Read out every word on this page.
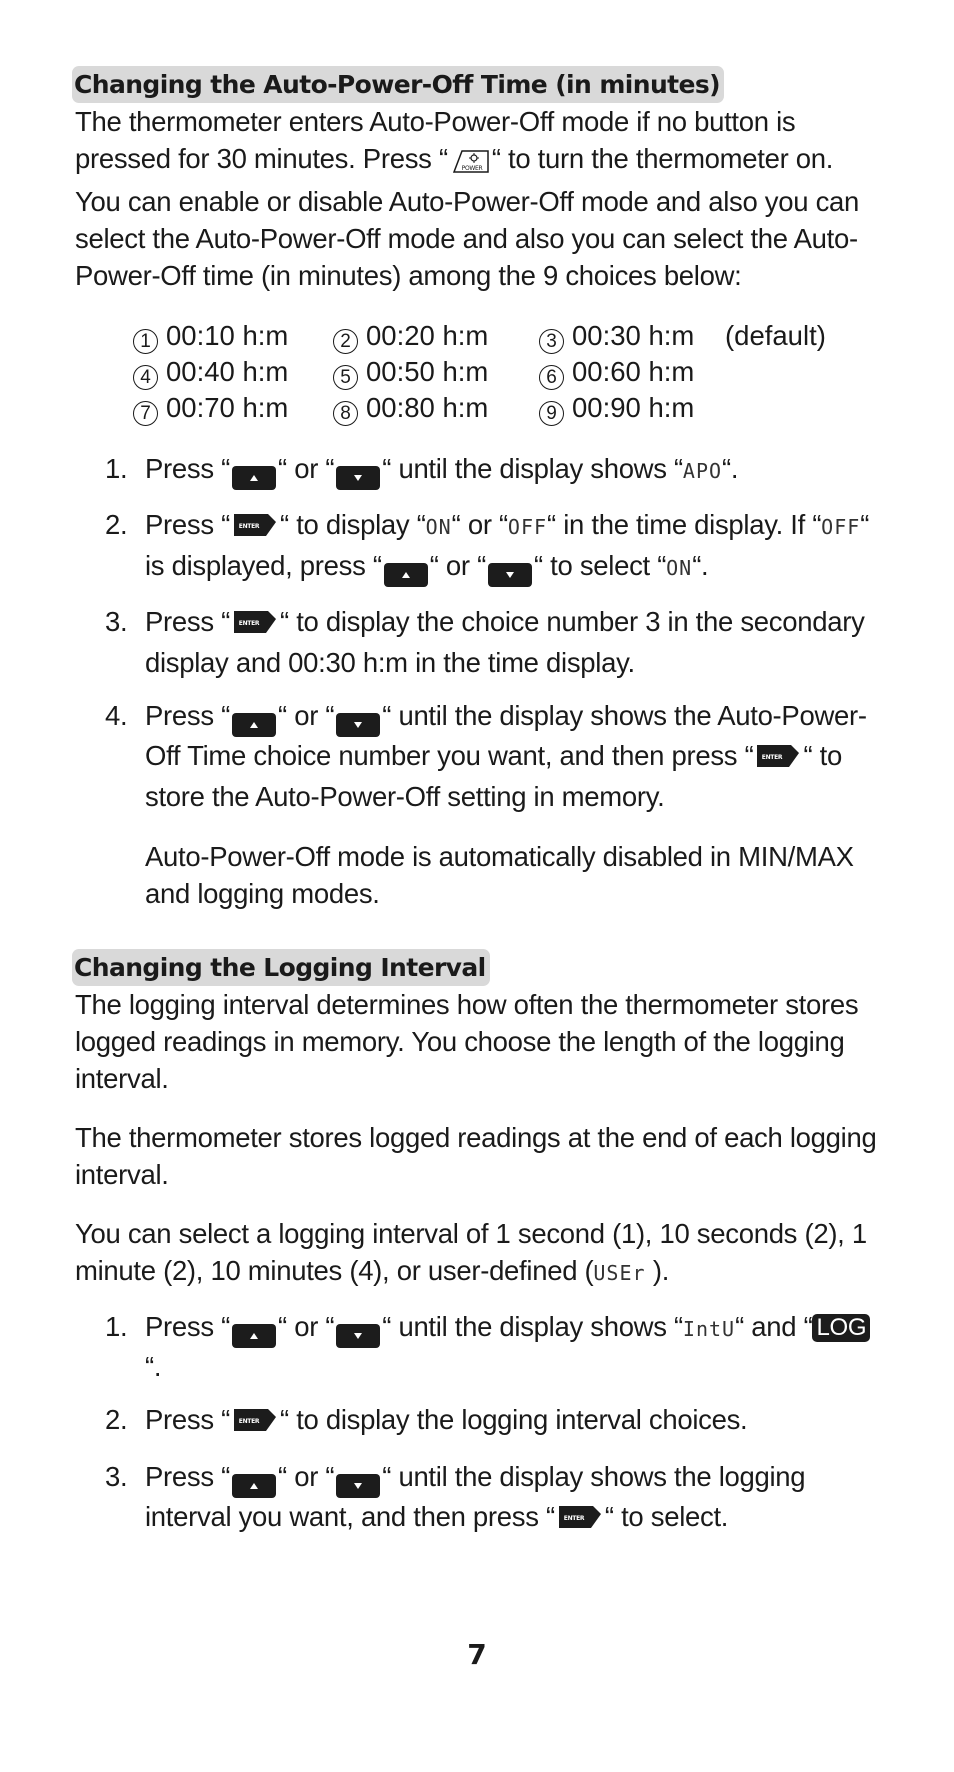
Changing the Auto-Power-Off Time (in minutes)

The thermometer enters Auto-Power-Off mode if no button is pressed for 30 minutes. Press “ POWER “ to turn the thermometer on. You can enable or disable Auto-Power-Off mode and also you can select the Auto-Power-Off mode and also you can select the Auto-Power-Off time (in minutes) among the 9 choices below:

1 00:10 h:m	2 00:20 h:m	3 00:30 h:m	(default)
4 00:40 h:m	5 00:50 h:m	6 00:60 h:m
7 00:70 h:m	8 00:80 h:m	9 00:90 h:m
1. Press “ “ or “ “ until the display shows “APO“.
2. Press “ ENTER “ to display “ON“ or “OFF“ in the time display. If “OFF“ is displayed, press “ “ or “ “ to select “ON“.
3. Press “ ENTER “ to display the choice number 3 in the secondary display and 00:30 h:m in the time display.
4. Press “ “ or “ “ until the display shows the Auto-Power-Off Time choice number you want, and then press “ ENTER “ to store the Auto-Power-Off setting in memory.
Auto-Power-Off mode is automatically disabled in MIN/MAX and logging modes.
Changing the Logging Interval

The logging interval determines how often the thermometer stores logged readings in memory. You choose the length of the logging interval.

The thermometer stores logged readings at the end of each logging interval.

You can select a logging interval of 1 second (1), 10 seconds (2), 1 minute (2), 10 minutes (4), or user-defined (USEr ).

1. Press “ “ or “ “ until the display shows “IntU“ and “ LOG“.
2. Press “ ENTER “ to display the logging interval choices.
3. Press “ “ or “ “ until the display shows the logging interval you want, and then press “ ENTER “ to select.
7
